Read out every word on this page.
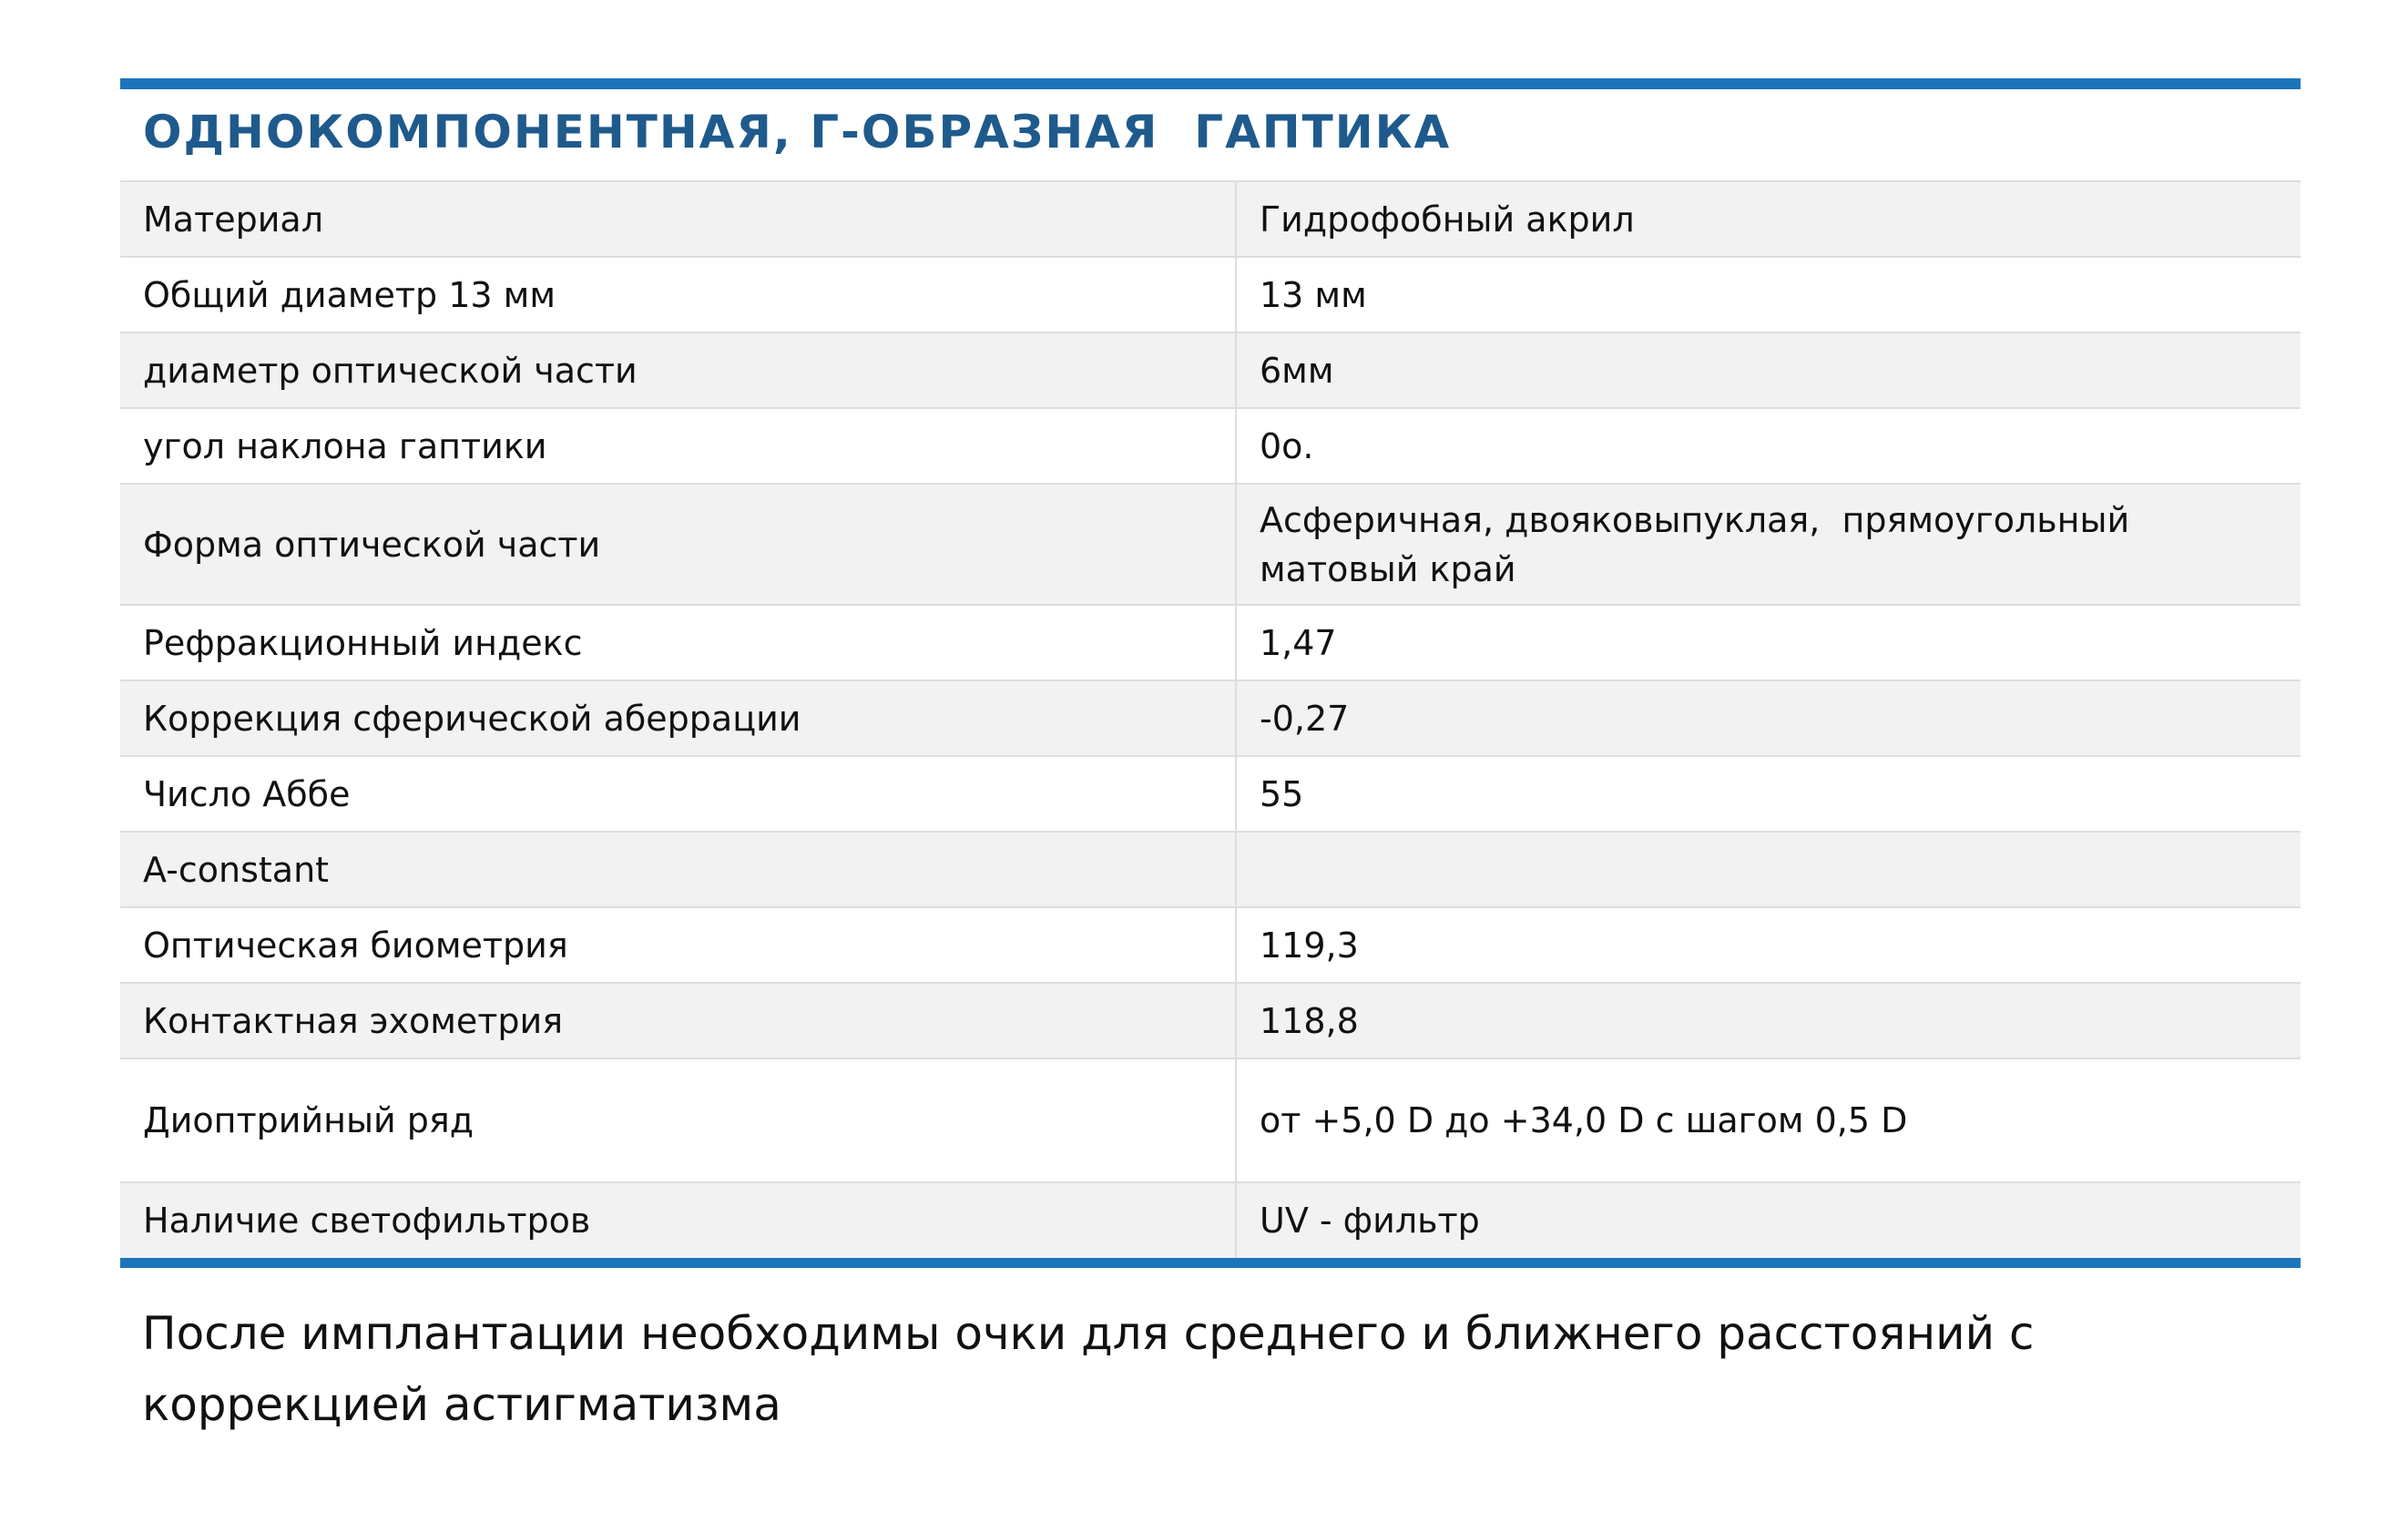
ОДНОКОМПОНЕНТНАЯ, Г-ОБРАЗНАЯ  ГАПТИКА
Материал	Гидрофобный акрил
Общий диаметр 13 мм	13 мм
диаметр оптической части	6мм
угол наклона гаптики	0о.
Форма оптической части	Асферичная, двояковыпуклая,  прямоугольный матовый край
Рефракционный индекс	1,47
Коррекция сферической аберрации	-0,27
Число Аббе	55
A-constant	
Оптическая биометрия	119,3
Контактная эхометрия	118,8
Диоптрийный ряд	от +5,0 D до +34,0 D с шагом 0,5 D
Наличие светофильтров	UV - фильтр
После имплантации необходимы очки для среднего и ближнего расстояний с коррекцией астигматизма
